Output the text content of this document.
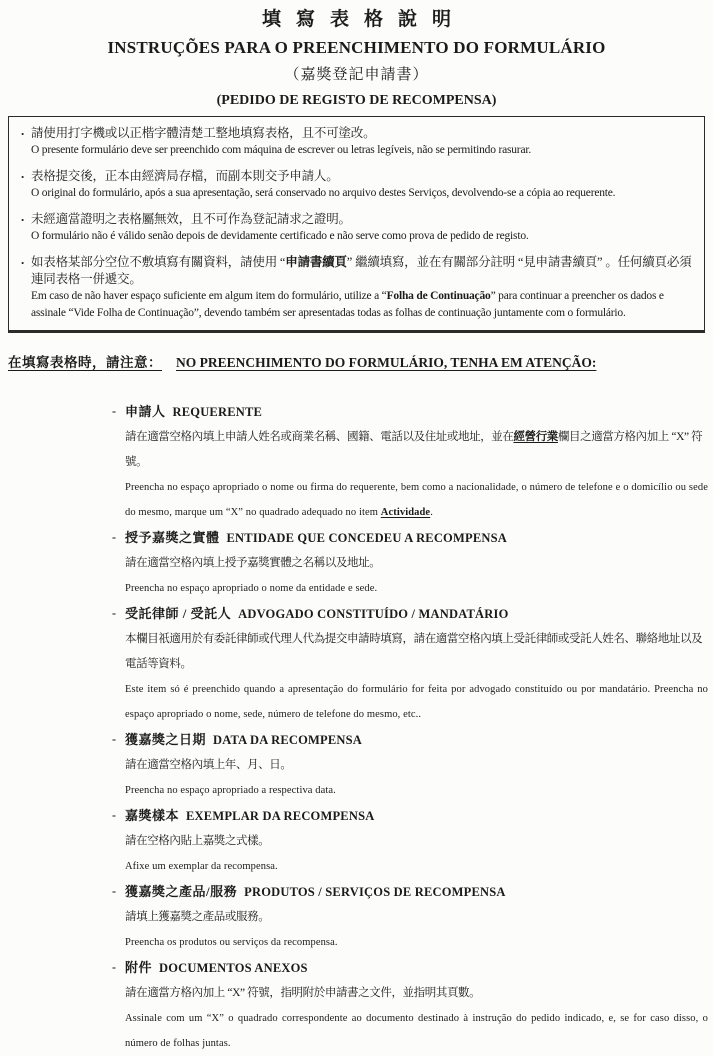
填寫表格說明
INSTRUÇÕES PARA O PREENCHIMENTO DO FORMULÁRIO
（嘉獎登記申請書）
(PEDIDO DE REGISTO DE RECOMPENSA)
. 請使用打字機或以正楷字體清楚工整地填寫表格，且不可塗改。
O presente formulário deve ser preenchido com máquina de escrever ou letras legíveis, não se permitindo rasurar.
. 表格提交後，正本由經濟局存檔，而副本則交予申請人。
O original do formulário, após a sua apresentação, será conservado no arquivo destes Serviços, devolvendo-se a cópia ao requerente.
. 未經適當證明之表格屬無效，且不可作為登記請求之證明。
O formulário não é válido senão depois de devidamente certificado e não serve como prova de pedido de registo.
. 如表格某部分空位不敷填寫有關資料，請使用 “申請書續頁” 繼續填寫，並在有關部分註明 “見申請書續頁” 。任何續頁必須連同表格一併遞交。
Em caso de não haver espaço suficiente em algum item do formulário, utilize a “Folha de Continuação” para continuar a preencher os dados e assinale “Vide Folha de Continuação”, devendo também ser apresentadas todas as folhas de continuação juntamente com o formulário.
在填寫表格時，請注意： NO PREENCHIMENTO DO FORMULÁRIO, TENHA EM ATENÇÃO:
- 申請人 REQUERENTE
請在適當空格內填上申請人姓名或商業名稱、國籍、電話以及住址或地址，並在經營行業欄目之適當方格內加上 “X” 符號。
Preencha no espaço apropriado o nome ou firma do requerente, bem como a nacionalidade, o número de telefone e o domicílio ou sede do mesmo, marque um “X” no quadrado adequado no item Actividade.
- 授予嘉獎之實體 ENTIDADE QUE CONCEDEU A RECOMPENSA
請在適當空格內填上授予嘉獎實體之名稱以及地址。
Preencha no espaço apropriado o nome da entidade e sede.
- 受託律師 / 受託人 ADVOGADO CONSTITUÍDO / MANDATÁRIO
本欄目祇適用於有委託律師或代理人代為提交申請時填寫，請在適當空格內填上受託律師或受託人姓名、聯絡地址以及電話等資料。
Este item só é preenchido quando a apresentação do formulário for feita por advogado constituído ou por mandatário. Preencha no espaço apropriado o nome, sede, número de telefone do mesmo, etc..
- 獲嘉獎之日期 DATA DA RECOMPENSA
請在適當空格內填上年、月、日。
Preencha no espaço apropriado a respectiva data.
- 嘉獎樣本 EXEMPLAR DA RECOMPENSA
請在空格內貼上嘉獎之式樣。
Afixe um exemplar da recompensa.
- 獲嘉獎之產品/服務 PRODUTOS / SERVIÇOS DE RECOMPENSA
請填上獲嘉獎之產品或服務。
Preencha os produtos ou serviços da recompensa.
- 附件 DOCUMENTOS ANEXOS
請在適當方格內加上 “X” 符號，指明附於申請書之文件，並指明其頁數。
Assinale com um “X” o quadrado correspondente ao documento destinado à instrução do pedido indicado, e, se for caso disso, o número de folhas juntas.
